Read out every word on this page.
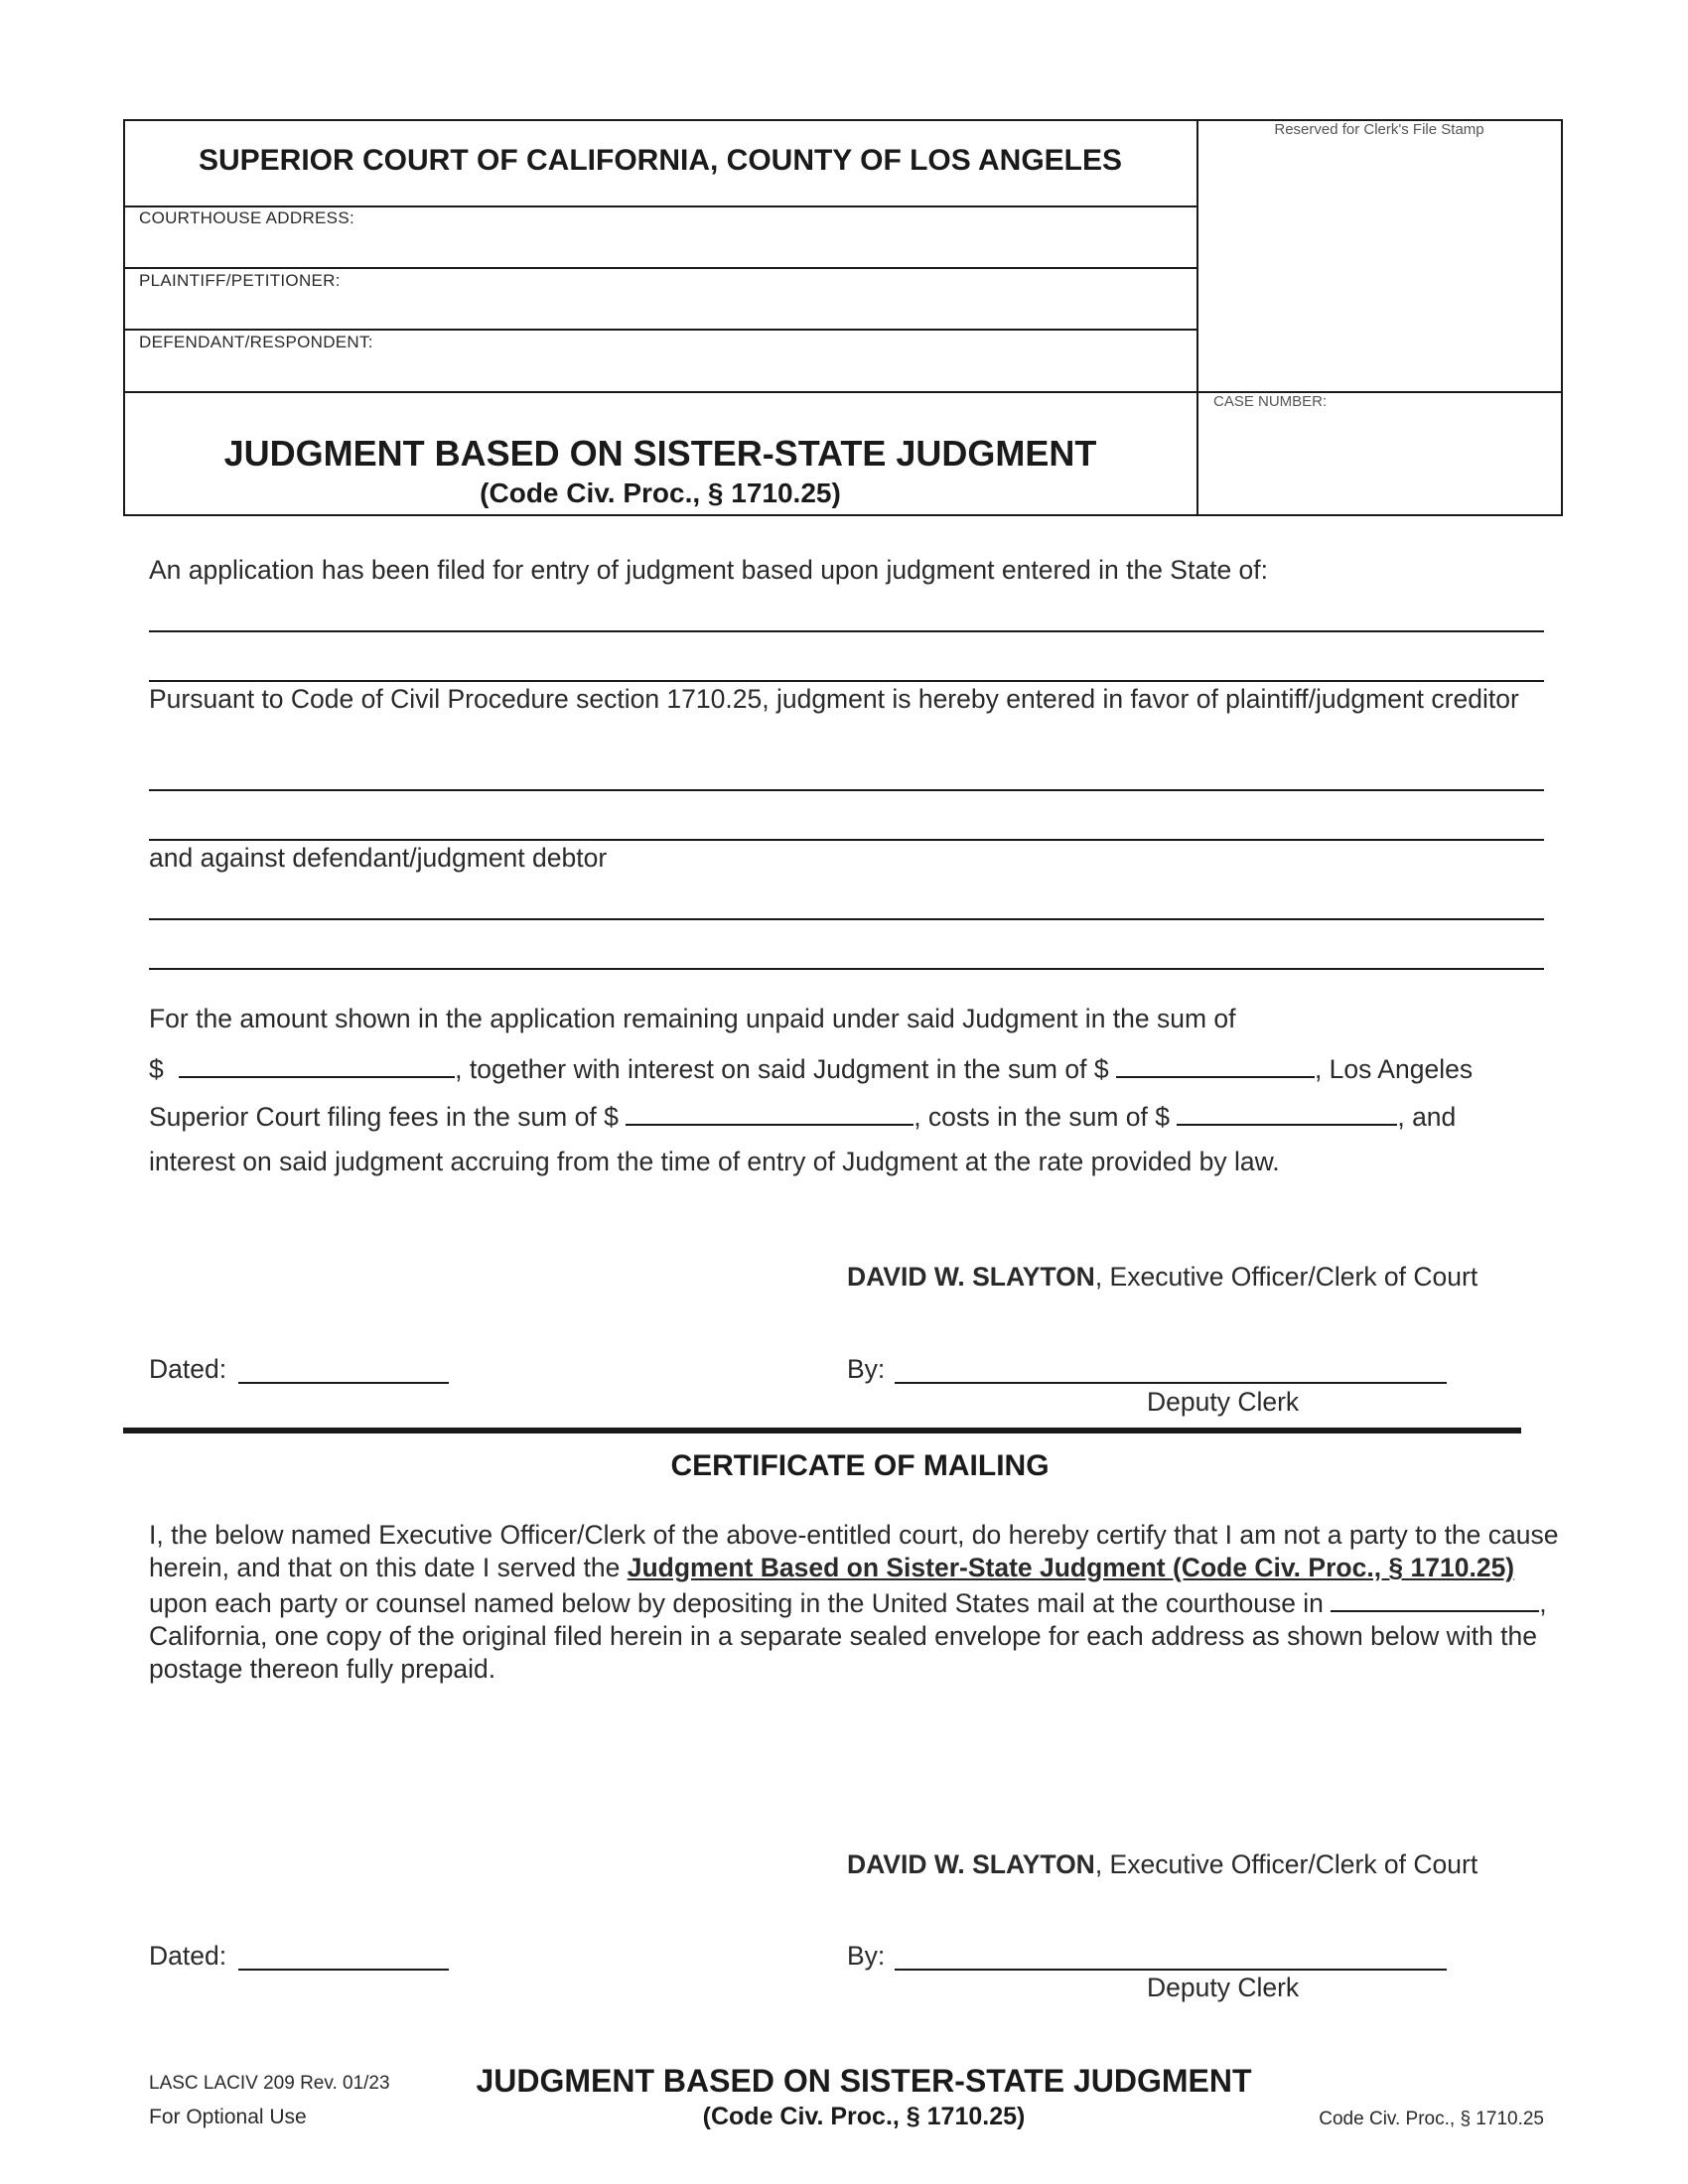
SUPERIOR COURT OF CALIFORNIA, COUNTY OF LOS ANGELES
COURTHOUSE ADDRESS:
PLAINTIFF/PETITIONER:
DEFENDANT/RESPONDENT:
Reserved for Clerk's File Stamp
CASE NUMBER:
JUDGMENT BASED ON SISTER-STATE JUDGMENT
(Code Civ. Proc., § 1710.25)
An application has been filed for entry of judgment based upon judgment entered in the State of:
Pursuant to Code of Civil Procedure section 1710.25, judgment is hereby entered in favor of plaintiff/judgment creditor
and against defendant/judgment debtor
For the amount shown in the application remaining unpaid under said Judgment in the sum of
$	, together with interest on said Judgment in the sum of $	, Los Angeles
Superior Court filing fees in the sum of $	, costs in the sum of $	, and
interest on said judgment accruing from the time of entry of Judgment at the rate provided by law.
DAVID W. SLAYTON, Executive Officer/Clerk of Court
Dated:	By:
Deputy Clerk
CERTIFICATE OF MAILING
I, the below named Executive Officer/Clerk of the above-entitled court, do hereby certify that I am not a party to the cause herein, and that on this date I served the Judgment Based on Sister-State Judgment (Code Civ. Proc., § 1710.25) upon each party or counsel named below by depositing in the United States mail at the courthouse in	, California, one copy of the original filed herein in a separate sealed envelope for each address as shown below with the postage thereon fully prepaid.
DAVID W. SLAYTON, Executive Officer/Clerk of Court
Dated:	By:
Deputy Clerk
LASC LACIV 209 Rev. 01/23
For Optional Use
JUDGMENT BASED ON SISTER-STATE JUDGMENT
(Code Civ. Proc., § 1710.25)	Code Civ. Proc., § 1710.25
